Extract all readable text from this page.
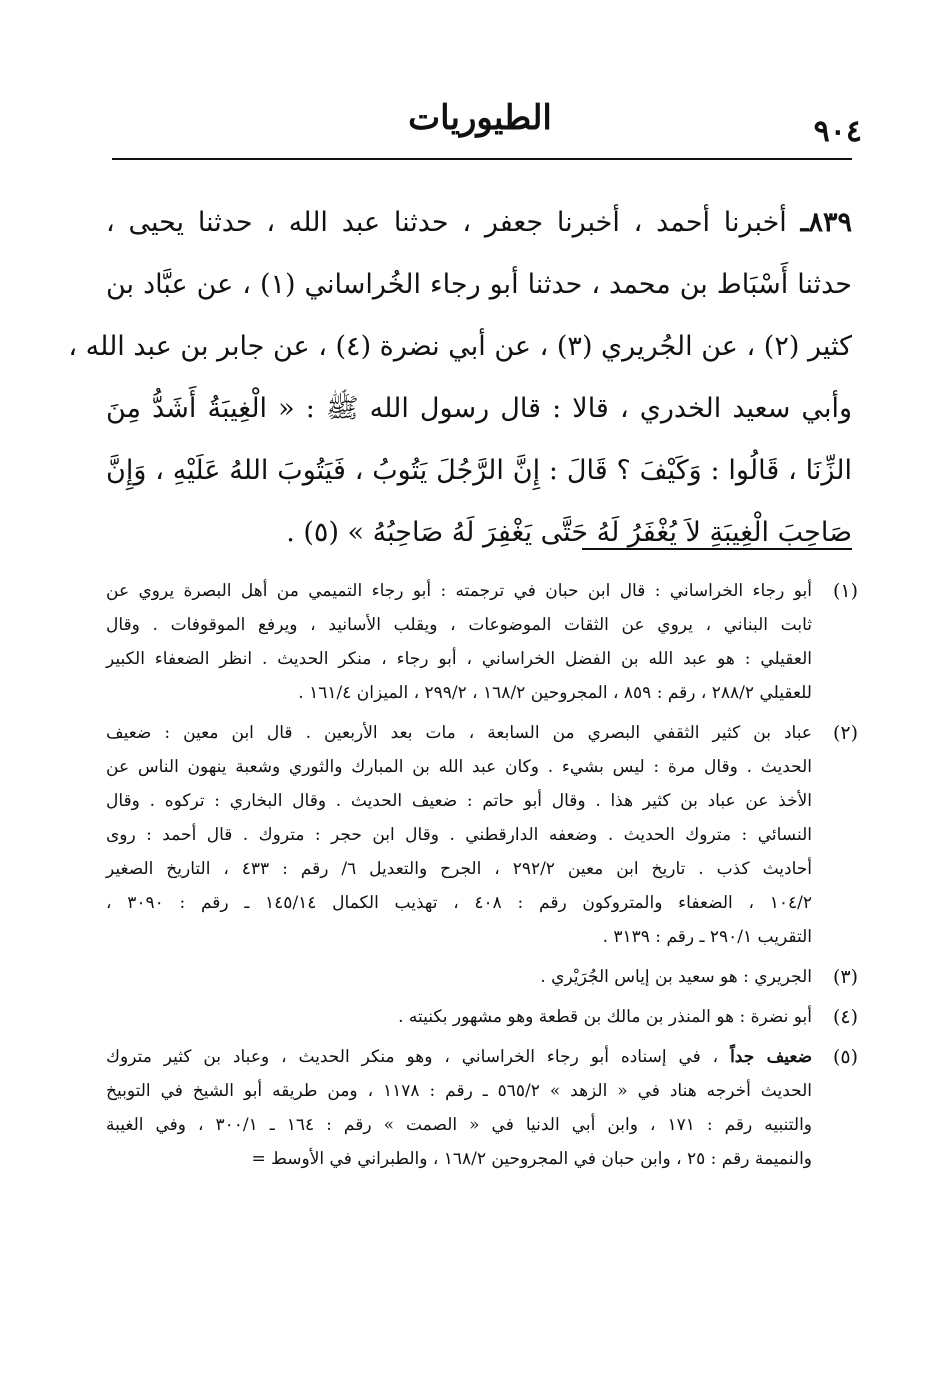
الطيوريات	٩٠٤
٨٣٩ـ أخبرنا أحمد ، أخبرنا جعفر ، حدثنا عبد الله ، حدثنا يحيى ،
حدثنا أَسْبَاط بن محمد ، حدثنا أبو رجاء الخُراساني (١) ، عن عبَّاد بن
كثير (٢) ، عن الجُريري (٣) ، عن أبي نضرة (٤) ، عن جابر بن عبد الله ،
وأبي سعيد الخدري ، قالا : قال رسول الله ﷺ : « الْغِيبَةُ أَشَدُّ مِنَ
الزِّنَا ، قَالُوا : وَكَيْفَ ؟ قَالَ : إِنَّ الرَّجُلَ يَتُوبُ ، فَيَتُوبَ اللهُ عَلَيْهِ ، وَإِنَّ
صَاحِبَ الْغِيبَةِ لاَ يُغْفَرُ لَهُ حَتَّى يَغْفِرَ لَهُ صَاحِبُهُ » (٥) .
(١)
أبو رجاء الخراساني : قال ابن حبان في ترجمته : أبو رجاء التميمي من أهل البصرة يروي عن
ثابت البناني ، يروي عن الثقات الموضوعات ، ويقلب الأسانيد ، ويرفع الموقوفات . وقال
العقيلي : هو عبد الله بن الفضل الخراساني ، أبو رجاء ، منكر الحديث . انظر الضعفاء الكبير
للعقيلي ٢٨٨/٢ ، رقم : ٨٥٩ ، المجروحين ١٦٨/٢ ، ٢٩٩/٢ ، الميزان ١٦١/٤ .
(٢)
عباد بن كثير الثقفي البصري من السابعة ، مات بعد الأربعين . قال ابن معين : ضعيف
الحديث . وقال مرة : ليس بشيء . وكان عبد الله بن المبارك والثوري وشعبة ينهون الناس عن
الأخذ عن عباد بن كثير هذا . وقال أبو حاتم : ضعيف الحديث . وقال البخاري : تركوه . وقال
النسائي : متروك الحديث . وضعفه الدارقطني . وقال ابن حجر : متروك . قال أحمد : روى
أحاديث كذب . تاريخ ابن معين ٢٩٢/٢ ، الجرح والتعديل ٦/ رقم : ٤٣٣ ، التاريخ الصغير
١٠٤/٢ ، الضعفاء والمتروكون رقم : ٤٠٨ ، تهذيب الكمال ١٤٥/١٤ ـ رقم : ٣٠٩٠ ،
التقريب ٢٩٠/١ ـ رقم : ٣١٣٩ .
(٣)
الجريري : هو سعيد بن إياس الجُرَيْري .
(٤)
أبو نضرة : هو المنذر بن مالك بن قطعة وهو مشهور بكنيته .
(٥)
ضعيف جداً ، في إسناده أبو رجاء الخراساني ، وهو منكر الحديث ، وعباد بن كثير متروك
الحديث أخرجه هناد في « الزهد » ٥٦٥/٢ ـ رقم : ١١٧٨ ، ومن طريقه أبو الشيخ في التوبيخ
والتنبيه رقم : ١٧١ ، وابن أبي الدنيا في « الصمت » رقم : ١٦٤ ـ ٣٠٠/١ ، وفي الغيبة
والنميمة رقم : ٢٥ ، وابن حبان في المجروحين ١٦٨/٢ ، والطبراني في الأوسط =
